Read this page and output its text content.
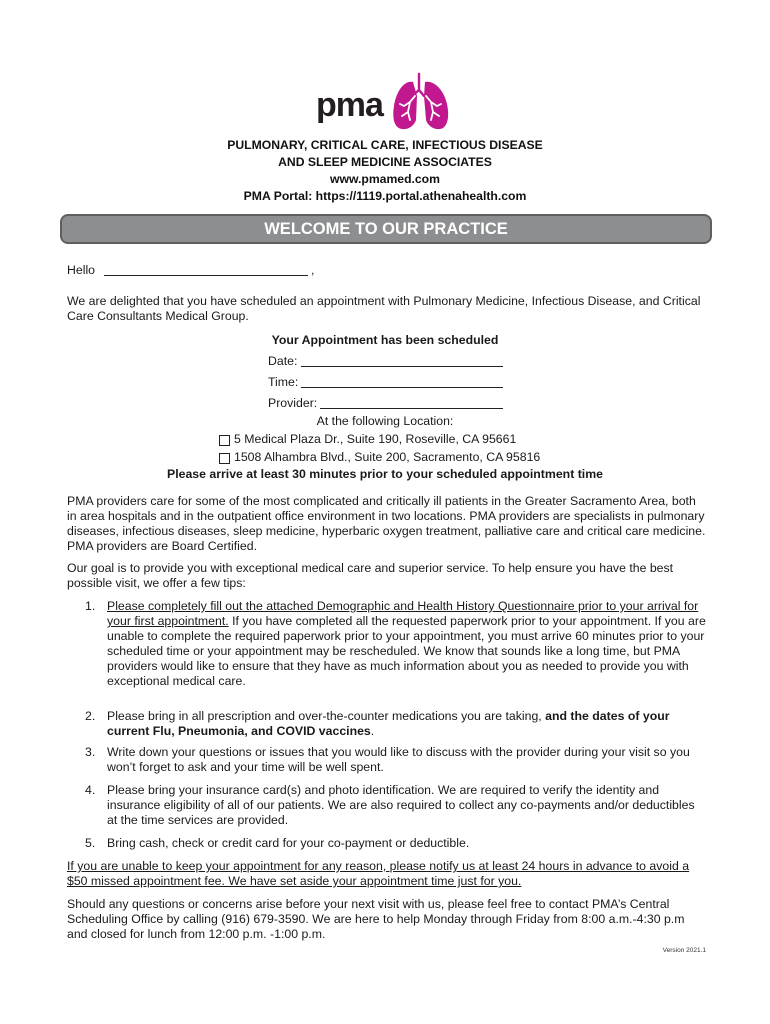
pma
PULMONARY, CRITICAL CARE, INFECTIOUS DISEASE
AND SLEEP MEDICINE ASSOCIATES
www.pmamed.com
PMA Portal: https://1119.portal.athenahealth.com
WELCOME TO OUR PRACTICE
Hello	,

We are delighted that you have scheduled an appointment with Pulmonary Medicine, Infectious Disease, and Critical Care Consultants Medical Group.

Your Appointment has been scheduled
Date:
Time:
Provider:
At the following Location:
5 Medical Plaza Dr., Suite 190, Roseville, CA 95661
1508 Alhambra Blvd., Suite 200, Sacramento, CA 95816
Please arrive at least 30 minutes prior to your scheduled appointment time

PMA providers care for some of the most complicated and critically ill patients in the Greater Sacramento Area, both in area hospitals and in the outpatient office environment in two locations. PMA providers are specialists in pulmonary diseases, infectious diseases, sleep medicine, hyperbaric oxygen treatment, palliative care and critical care medicine. PMA providers are Board Certified.

Our goal is to provide you with exceptional medical care and superior service. To help ensure you have the best possible visit, we offer a few tips:

1. Please completely fill out the attached Demographic and Health History Questionnaire prior to your arrival for your first appointment. If you have completed all the requested paperwork prior to your appointment. If you are unable to complete the required paperwork prior to your appointment, you must arrive 60 minutes prior to your scheduled time or your appointment may be rescheduled. We know that sounds like a long time, but PMA providers would like to ensure that they have as much information about you as needed to provide you with exceptional medical care.
2. Please bring in all prescription and over-the-counter medications you are taking, and the dates of your current Flu, Pneumonia, and COVID vaccines.
3. Write down your questions or issues that you would like to discuss with the provider during your visit so you won’t forget to ask and your time will be well spent.
4. Please bring your insurance card(s) and photo identification. We are required to verify the identity and insurance eligibility of all of our patients. We are also required to collect any co-payments and/or deductibles at the time services are provided.
5. Bring cash, check or credit card for your co-payment or deductible.

If you are unable to keep your appointment for any reason, please notify us at least 24 hours in advance to avoid a $50 missed appointment fee. We have set aside your appointment time just for you.

Should any questions or concerns arise before your next visit with us, please feel free to contact PMA’s Central Scheduling Office by calling (916) 679-3590. We are here to help Monday through Friday from 8:00 a.m.-4:30 p.m and closed for lunch from 12:00 p.m. -1:00 p.m.

Version 2021.1
